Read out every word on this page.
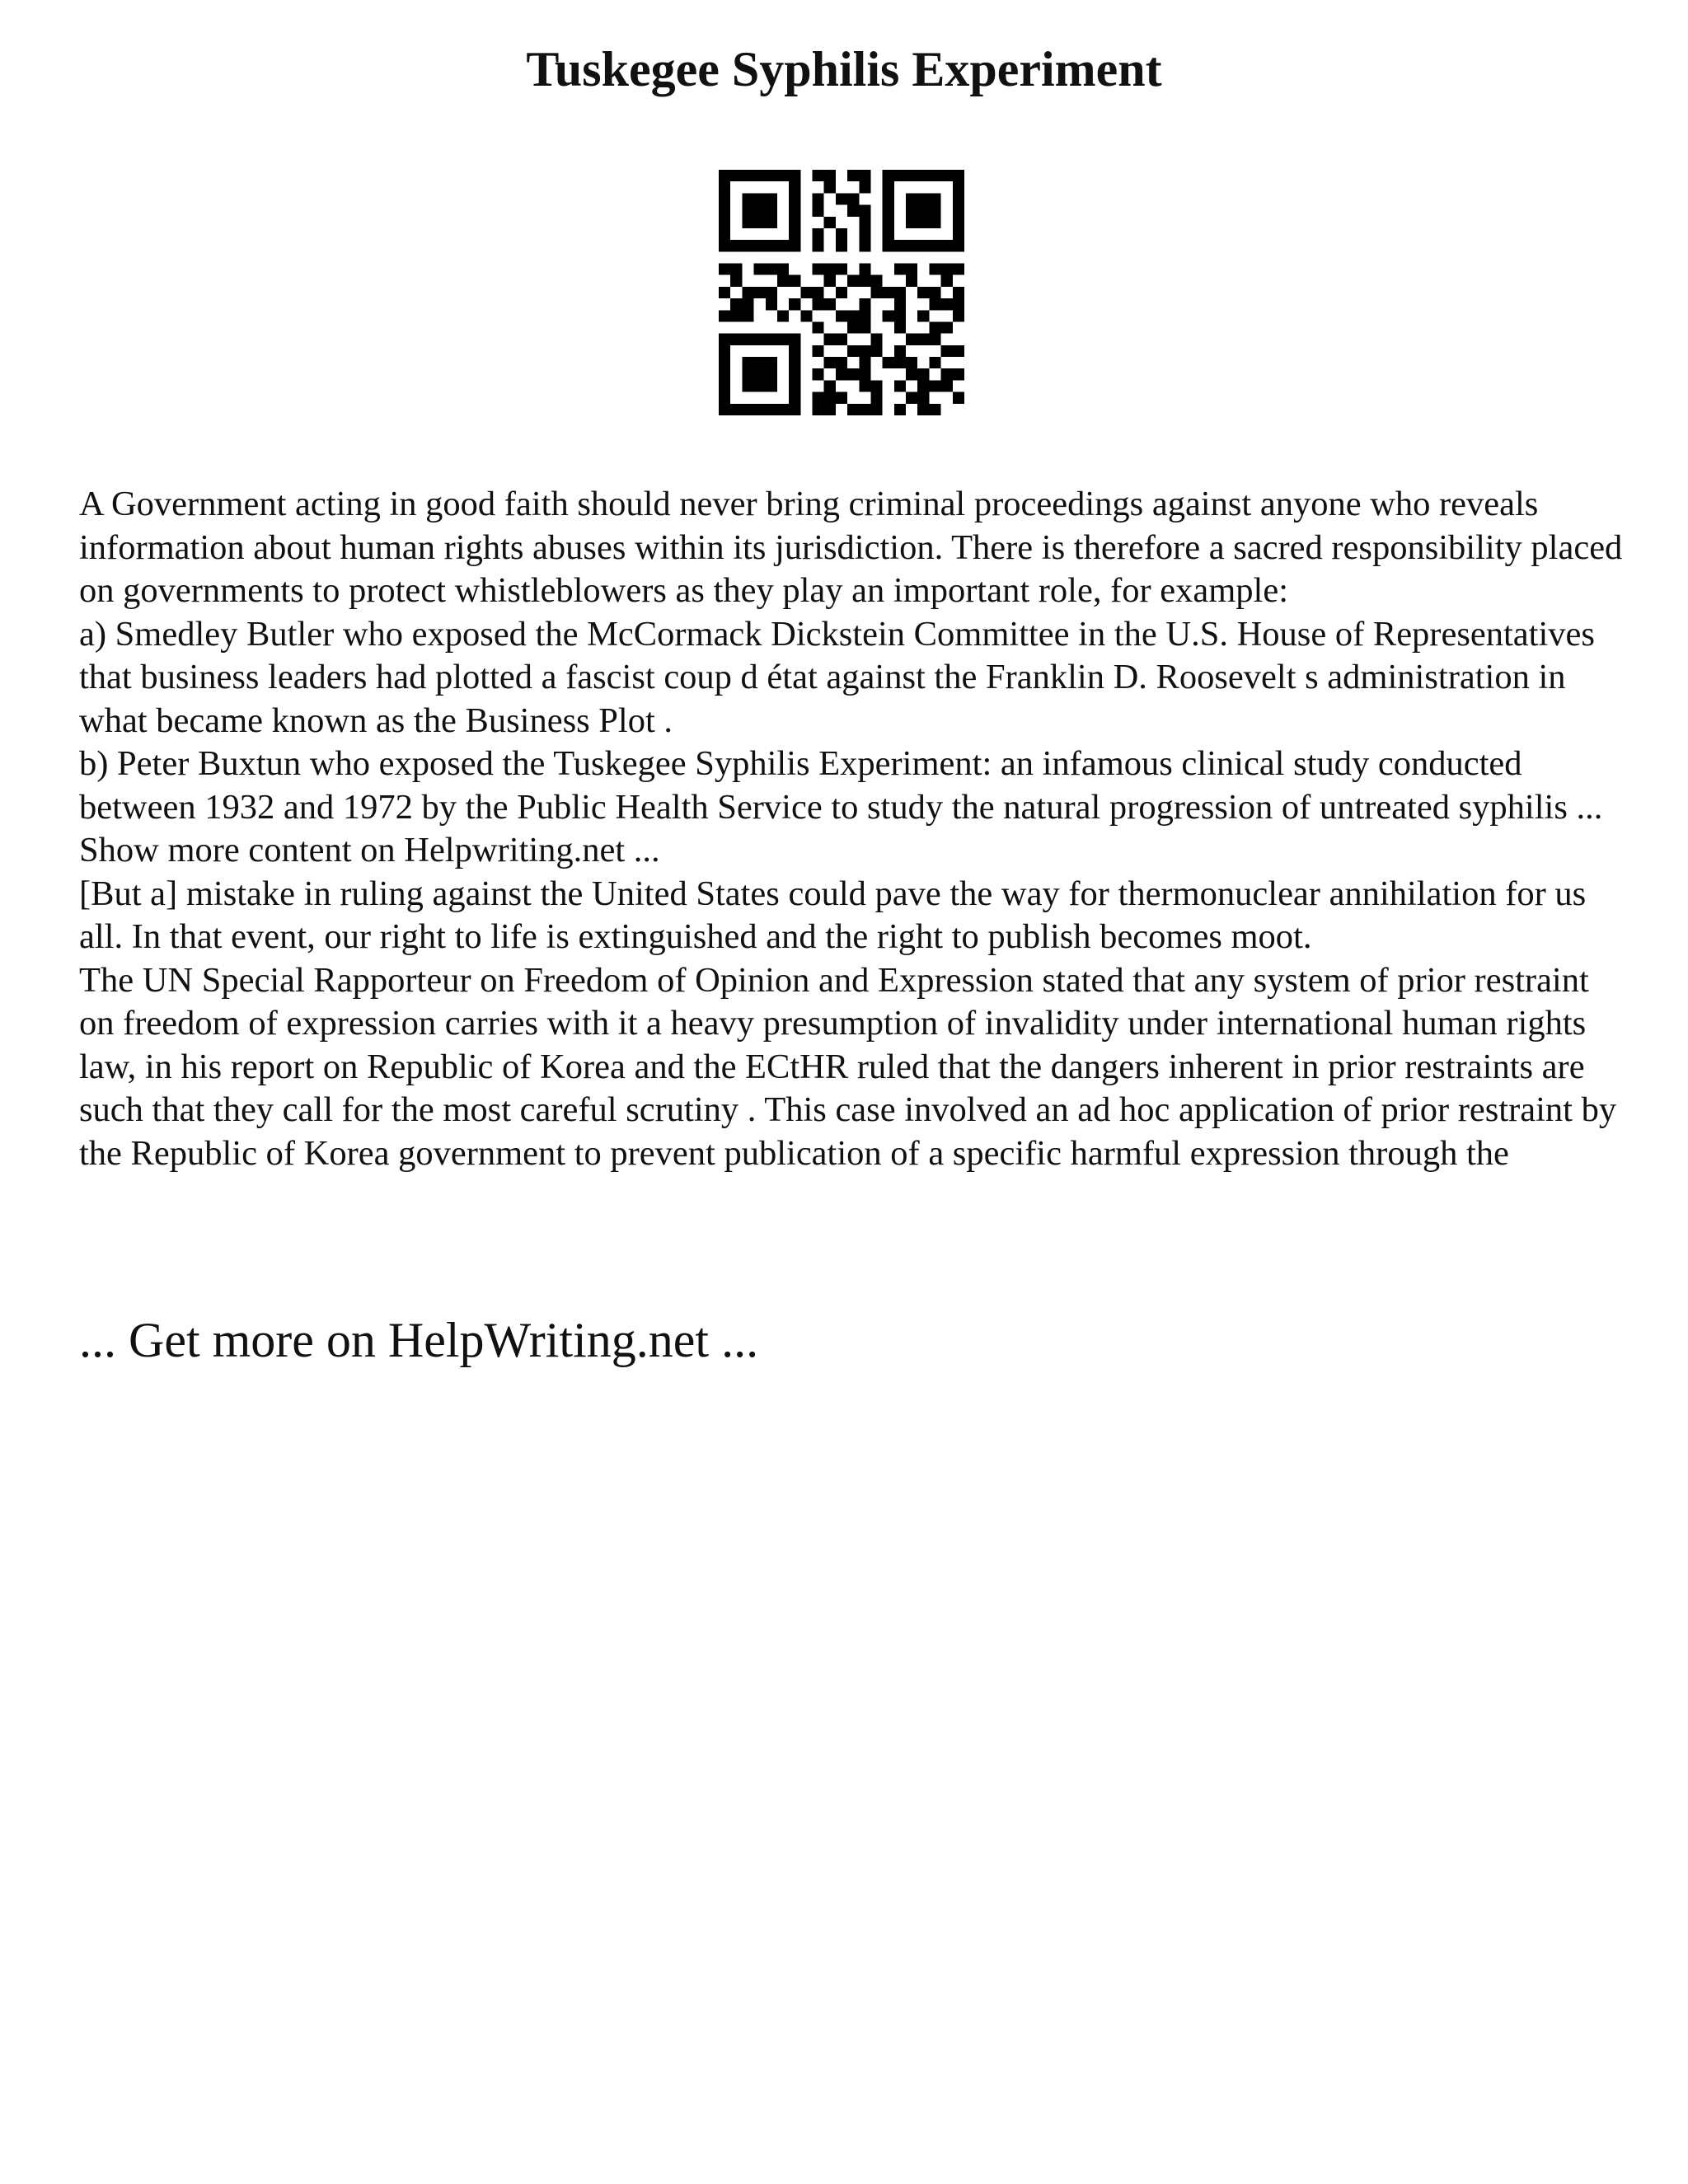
Tuskegee Syphilis Experiment

A Government acting in good faith should never bring criminal proceedings against anyone who reveals information about human rights abuses within its jurisdiction. There is therefore a sacred responsibility placed on governments to protect whistleblowers as they play an important role, for example:

a) Smedley Butler who exposed the McCormack Dickstein Committee in the U.S. House of Representatives that business leaders had plotted a fascist coup d état against the Franklin D. Roosevelt s administration in what became known as the Business Plot .

b) Peter Buxtun who exposed the Tuskegee Syphilis Experiment: an infamous clinical study conducted between 1932 and 1972 by the Public Health Service to study the natural progression of untreated syphilis ... Show more content on Helpwriting.net ...

[But a] mistake in ruling against the United States could pave the way for thermonuclear annihilation for us all. In that event, our right to life is extinguished and the right to publish becomes moot.

The UN Special Rapporteur on Freedom of Opinion and Expression stated that any system of prior restraint on freedom of expression carries with it a heavy presumption of invalidity under international human rights law, in his report on Republic of Korea and the ECtHR ruled that the dangers inherent in prior restraints are such that they call for the most careful scrutiny . This case involved an ad hoc application of prior restraint by the Republic of Korea government to prevent publication of a specific harmful expression through the

... Get more on HelpWriting.net ...
